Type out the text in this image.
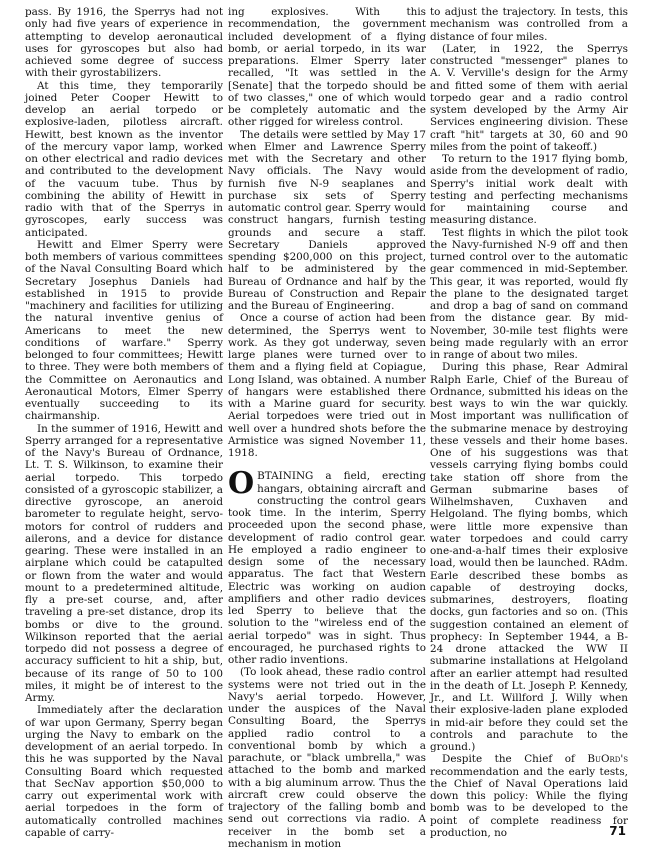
pass. By 1916, the Sperrys had not only had five years of experience in attempting to develop aeronautical uses for gyroscopes but also had achieved some degree of success with their gyrostabilizers.

At this time, they temporarily joined Peter Cooper Hewitt to develop an aerial torpedo or explosive-laden, pilotless aircraft. Hewitt, best known as the inventor of the mercury vapor lamp, worked on other electrical and radio devices and contributed to the development of the vacuum tube. Thus by combining the ability of Hewitt in radio with that of the Sperrys in gyroscopes, early success was anticipated.

Hewitt and Elmer Sperry were both members of various committees of the Naval Consulting Board which Secretary Josephus Daniels had established in 1915 to provide "machinery and facilities for utilizing the natural inventive genius of Americans to meet the new conditions of warfare." Sperry belonged to four committees; Hewitt to three. They were both members of the Committee on Aeronautics and Aeronautical Motors, Elmer Sperry eventually succeeding to its chairmanship.

In the summer of 1916, Hewitt and Sperry arranged for a representative of the Navy's Bureau of Ordnance, Lt. T. S. Wilkinson, to examine their aerial torpedo. This torpedo consisted of a gyroscopic stabilizer, a directive gyroscope, an aneroid barometer to regulate height, servo-motors for control of rudders and ailerons, and a device for distance gearing. These were installed in an airplane which could be catapulted or flown from the water and would mount to a predetermined altitude, fly a pre-set course, and, after traveling a pre-set distance, drop its bombs or dive to the ground. Wilkinson reported that the aerial torpedo did not possess a degree of accuracy sufficient to hit a ship, but, because of its range of 50 to 100 miles, it might be of interest to the Army.

Immediately after the declaration of war upon Germany, Sperry began urging the Navy to embark on the development of an aerial torpedo. In this he was supported by the Naval Consulting Board which requested that SecNav apportion $50,000 to carry out experimental work with aerial torpedoes in the form of automatically controlled machines capable of carry-

ing explosives. With this recommendation, the government included development of a flying bomb, or aerial torpedo, in its war preparations. Elmer Sperry later recalled, "It was settled in the [Senate] that the torpedo should be of two classes," one of which would be completely automatic and the other rigged for wireless control.

The details were settled by May 17 when Elmer and Lawrence Sperry met with the Secretary and other Navy officials. The Navy would furnish five N-9 seaplanes and purchase six sets of Sperry automatic control gear. Sperry would construct hangars, furnish testing grounds and secure a staff. Secretary Daniels approved spending $200,000 on this project, half to be administered by the Bureau of Ordnance and half by the Bureau of Construction and Repair and the Bureau of Engineering.

Once a course of action had been determined, the Sperrys went to work. As they got underway, seven large planes were turned over to them and a flying field at Copiague, Long Island, was obtained. A number of hangars were established there with a Marine guard for security. Aerial torpedoes were tried out in well over a hundred shots before the Armistice was signed November 11, 1918.

OBTAINING a field, erecting hangars, obtaining aircraft and constructing the control gears took time. In the interim, Sperry proceeded upon the second phase, development of radio control gear. He employed a radio engineer to design some of the necessary apparatus. The fact that Western Electric was working on audion amplifiers and other radio devices led Sperry to believe that the solution to the "wireless end of the aerial torpedo" was in sight. Thus encouraged, he purchased rights to other radio inventions.

(To look ahead, these radio control systems were not tried out in the Navy's aerial torpedo. However, under the auspices of the Naval Consulting Board, the Sperrys applied radio control to a conventional bomb by which a parachute, or "black umbrella," was attached to the bomb and marked with a big aluminum arrow. Thus the aircraft crew could observe the trajectory of the falling bomb and send out corrections via radio. A receiver in the bomb set a mechanism in motion

to adjust the trajectory. In tests, this mechanism was controlled from a distance of four miles.

(Later, in 1922, the Sperrys constructed "messenger" planes to A. V. Verville's design for the Army and fitted some of them with aerial torpedo gear and a radio control system developed by the Army Air Services engineering division. These craft "hit" targets at 30, 60 and 90 miles from the point of takeoff.)

To return to the 1917 flying bomb, aside from the development of radio, Sperry's initial work dealt with testing and perfecting mechanisms for maintaining course and measuring distance.

Test flights in which the pilot took the Navy-furnished N-9 off and then turned control over to the automatic gear commenced in mid-September. This gear, it was reported, would fly the plane to the designated target and drop a bag of sand on command from the distance gear. By mid-November, 30-mile test flights were being made regularly with an error in range of about two miles.

During this phase, Rear Admiral Ralph Earle, Chief of the Bureau of Ordnance, submitted his ideas on the best ways to win the war quickly. Most important was nullification of the submarine menace by destroying these vessels and their home bases. One of his suggestions was that vessels carrying flying bombs could take station off shore from the German submarine bases of Wilhelmshaven, Cuxhaven and Helgoland. The flying bombs, which were little more expensive than water torpedoes and could carry one-and-a-half times their explosive load, would then be launched. RAdm. Earle described these bombs as capable of destroying docks, submarines, destroyers, floating docks, gun factories and so on. (This suggestion contained an element of prophecy: In September 1944, a B-24 drone attacked the WW II submarine installations at Helgoland after an earlier attempt had resulted in the death of Lt. Joseph P. Kennedy, Jr., and Lt. Willford J. Willy when their explosive-laden plane exploded in mid-air before they could set the controls and parachute to the ground.)

Despite the Chief of BuOrd's recommendation and the early tests, the Chief of Naval Operations laid down this policy: While the flying bomb was to be developed to the point of complete readiness for production, no	71
